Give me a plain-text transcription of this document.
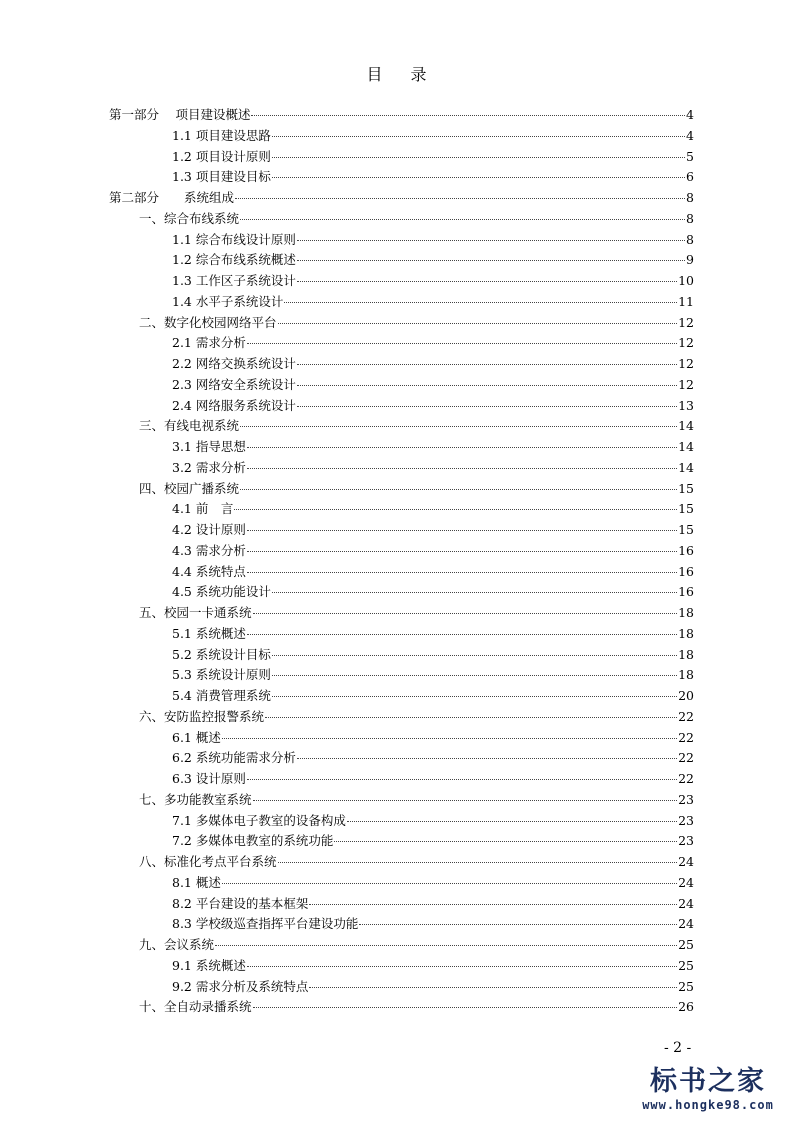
目录
第一部分　 项目建设概述	4
1.1 项目建设思路	4
1.2 项目设计原则	5
1.3 项目建设目标	6
第二部分　　系统组成	8
一、综合布线系统	8
1.1 综合布线设计原则	8
1.2 综合布线系统概述	9
1.3 工作区子系统设计	10
1.4 水平子系统设计	11
二、数字化校园网络平台	12
2.1 需求分析	12
2.2 网络交换系统设计	12
2.3 网络安全系统设计	12
2.4 网络服务系统设计	13
三、有线电视系统	14
3.1 指导思想	14
3.2 需求分析	14
四、校园广播系统	15
4.1 前　言	15
4.2 设计原则	15
4.3 需求分析	16
4.4 系统特点	16
4.5 系统功能设计	16
五、校园一卡通系统	18
5.1 系统概述	18
5.2 系统设计目标	18
5.3 系统设计原则	18
5.4 消费管理系统	20
六、安防监控报警系统	22
6.1 概述	22
6.2 系统功能需求分析	22
6.3 设计原则	22
七、多功能教室系统	23
7.1 多媒体电子教室的设备构成	23
7.2 多媒体电教室的系统功能	23
八、标准化考点平台系统	24
8.1 概述	24
8.2 平台建设的基本框架	24
8.3 学校级巡查指挥平台建设功能	24
九、会议系统	25
9.1 系统概述	25
9.2 需求分析及系统特点	25
十、全自动录播系统	26
- 2 -
标书之家
www.hongke98.com
